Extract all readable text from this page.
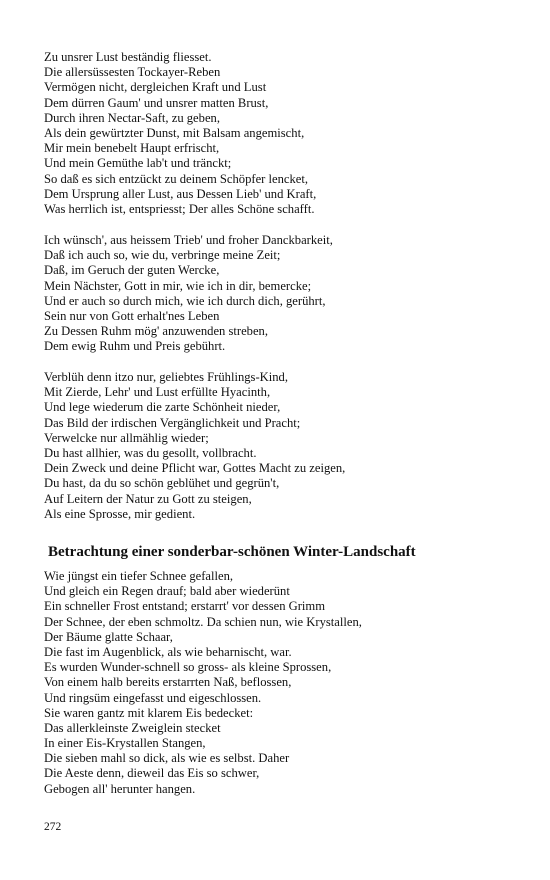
Zu unsrer Lust beständig fliesset.
Die allersüssesten Tockayer-Reben
Vermögen nicht, dergleichen Kraft und Lust
Dem dürren Gaum' und unsrer matten Brust,
Durch ihren Nectar-Saft, zu geben,
Als dein gewürtzter Dunst, mit Balsam angemischt,
Mir mein benebelt Haupt erfrischt,
Und mein Gemüthe lab't und tränckt;
So daß es sich entzückt zu deinem Schöpfer lencket,
Dem Ursprung aller Lust, aus Dessen Lieb' und Kraft,
Was herrlich ist, entspriesst; Der alles Schöne schafft.
Ich wünsch', aus heissem Trieb' und froher Danckbarkeit,
Daß ich auch so, wie du, verbringe meine Zeit;
Daß, im Geruch der guten Wercke,
Mein Nächster, Gott in mir, wie ich in dir, bemercke;
Und er auch so durch mich, wie ich durch dich, gerührt,
Sein nur von Gott erhalt'nes Leben
Zu Dessen Ruhm mög' anzuwenden streben,
Dem ewig Ruhm und Preis gebührt.
Verblüh denn itzo nur, geliebtes Frühlings-Kind,
Mit Zierde, Lehr' und Lust erfüllte Hyacinth,
Und lege wiederum die zarte Schönheit nieder,
Das Bild der irdischen Vergänglichkeit und Pracht;
Verwelcke nur allmählig wieder;
Du hast allhier, was du gesollt, vollbracht.
Dein Zweck und deine Pflicht war, Gottes Macht zu zeigen,
Du hast, da du so schön geblühet und gegrün't,
Auf Leitern der Natur zu Gott zu steigen,
Als eine Sprosse, mir gedient.
Betrachtung einer sonderbar-schönen Winter-Landschaft
Wie jüngst ein tiefer Schnee gefallen,
Und gleich ein Regen drauf; bald aber wiederünt
Ein schneller Frost entstand; erstarrt' vor dessen Grimm
Der Schnee, der eben schmoltz. Da schien nun, wie Krystallen,
Der Bäume glatte Schaar,
Die fast im Augenblick, als wie beharnischt, war.
Es wurden Wunder-schnell so gross- als kleine Sprossen,
Von einem halb bereits erstarrten Naß, beflossen,
Und ringsüm eingefasst und eigeschlossen.
Sie waren gantz mit klarem Eis bedecket:
Das allerkleinste Zweiglein stecket
In einer Eis-Krystallen Stangen,
Die sieben mahl so dick, als wie es selbst. Daher
Die Aeste denn, dieweil das Eis so schwer,
Gebogen all' herunter hangen.
272
